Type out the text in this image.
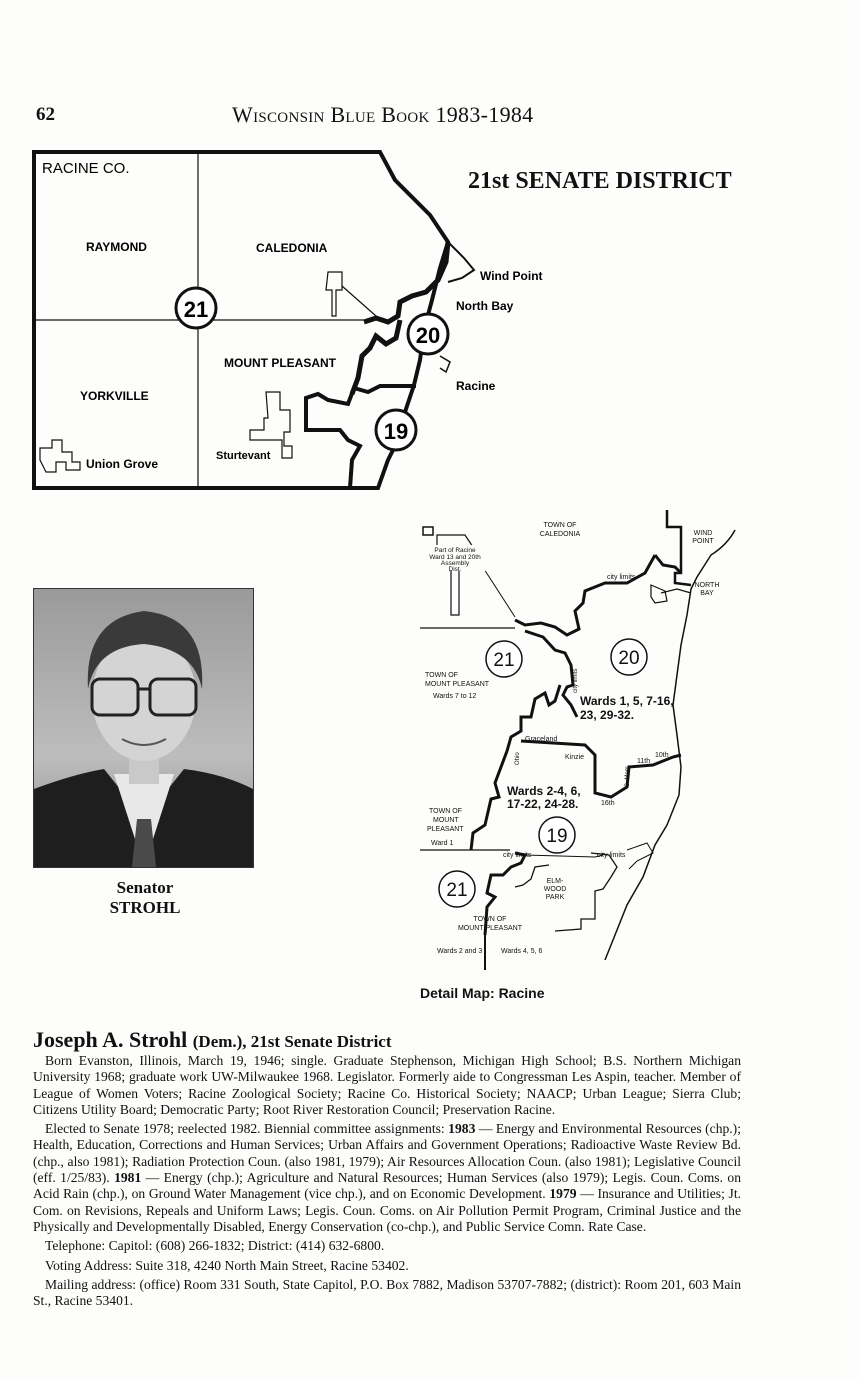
62	Wisconsin Blue Book 1983-1984
21
20
19
RACINE CO.
RAYMOND	CALEDONIA
MOUNT PLEASANT
YORKVILLE
Wind Point
North Bay
Racine
Sturtevant
Union Grove
21st SENATE DISTRICT
Senator
STROHL
Part of Racine
Ward 13 and 20th
Assembly
Dist.
TOWN OF
CALEDONIA	WIND
POINT
NORTH
BAY
city limits
TOWN OF
MOUNT PLEASANT
Wards 7 to 12
Graceland
Kinzie
11th
10th
16th
TOWN OF
MOUNT
PLEASANT
Ward 1
city limits	city limits
ELM-
WOOD
PARK
TOWN OF
MOUNT PLEASANT
Wards 2 and 3	Wards 4, 5, 6
city limits
Ohio
S. Mem.
Wards 1, 5, 7-16,
23, 29-32.
Wards 2-4, 6,
17-22, 24-28.
21	20
19
21
Detail Map: Racine
Joseph A. Strohl (Dem.), 21st Senate District

Born Evanston, Illinois, March 19, 1946; single. Graduate Stephenson, Michigan High School; B.S. Northern Michigan University 1968; graduate work UW-Milwaukee 1968. Legislator. Formerly aide to Congressman Les Aspin, teacher. Member of League of Women Voters; Racine Zoological Society; Racine Co. Historical Society; NAACP; Urban League; Sierra Club; Citizens Utility Board; Democratic Party; Root River Restoration Council; Preservation Racine.

Elected to Senate 1978; reelected 1982. Biennial committee assignments: 1983 — Energy and Environmental Resources (chp.); Health, Education, Corrections and Human Services; Urban Affairs and Government Operations; Radioactive Waste Review Bd. (chp., also 1981); Radiation Protection Coun. (also 1981, 1979); Air Resources Allocation Coun. (also 1981); Legislative Council (eff. 1/25/83). 1981 — Energy (chp.); Agriculture and Natural Resources; Human Services (also 1979); Legis. Coun. Coms. on Acid Rain (chp.), on Ground Water Management (vice chp.), and on Economic Development. 1979 — Insurance and Utilities; Jt. Com. on Revisions, Repeals and Uniform Laws; Legis. Coun. Coms. on Air Pollution Permit Program, Criminal Justice and the Physically and Developmentally Disabled, Energy Conservation (co-chp.), and Public Service Comn. Rate Case.

Telephone: Capitol: (608) 266-1832; District: (414) 632-6800.

Voting Address: Suite 318, 4240 North Main Street, Racine 53402.

Mailing address: (office) Room 331 South, State Capitol, P.O. Box 7882, Madison 53707-7882; (district): Room 201, 603 Main St., Racine 53401.
